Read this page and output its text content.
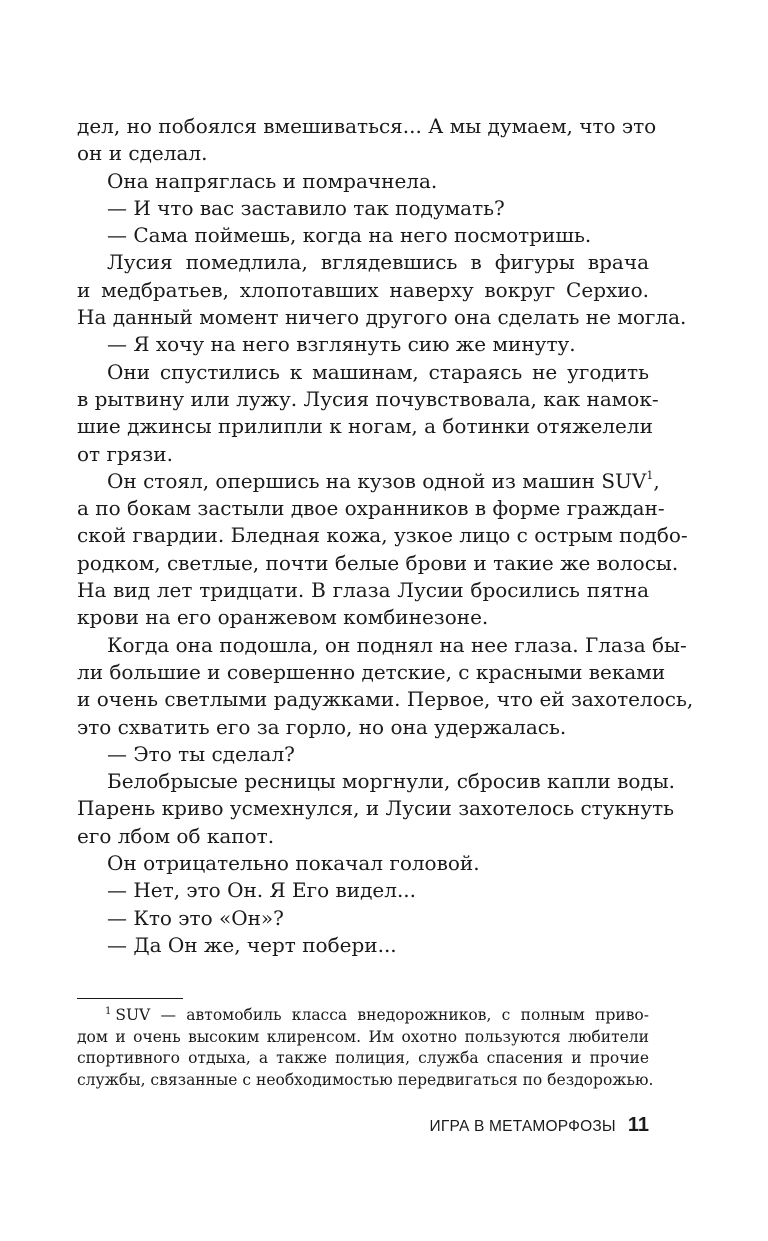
дел, но побоялся вмешиваться... А мы думаем, что это
он и сделал.
Она напряглась и помрачнела.
— И что вас заставило так подумать?
— Сама поймешь, когда на него посмотришь.
Лусия помедлила, вглядевшись в фигуры врача
и медбратьев, хлопотавших наверху вокруг Серхио.
На данный момент ничего другого она сделать не могла.
— Я хочу на него взглянуть сию же минуту.
Они спустились к машинам, стараясь не угодить
в рытвину или лужу. Лусия почувствовала, как намок-
шие джинсы прилипли к ногам, а ботинки отяжелели
от грязи.
Он стоял, опершись на кузов одной из машин SUV$^1$,
а по бокам застыли двое охранников в форме граждан-
ской гвардии. Бледная кожа, узкое лицо с острым подбо-
родком, светлые, почти белые брови и такие же волосы.
На вид лет тридцати. В глаза Лусии бросились пятна
крови на его оранжевом комбинезоне.
Когда она подошла, он поднял на нее глаза. Глаза бы-
ли большие и совершенно детские, с красными веками
и очень светлыми радужками. Первое, что ей захотелось,
это схватить его за горло, но она удержалась.
— Это ты сделал?
Белобрысые ресницы моргнули, сбросив капли воды.
Парень криво усмехнулся, и Лусии захотелось стукнуть
его лбом об капот.
Он отрицательно покачал головой.
— Нет, это Он. Я Его видел...
— Кто это «Он»?
— Да Он же, черт побери...
$^1$ SUV — автомобиль класса внедорожников, с полным приво-
дом и очень высоким клиренсом. Им охотно пользуются любители
спортивного отдыха, а также полиция, служба спасения и прочие
службы, связанные с необходимостью передвигаться по бездорожью.
ИГРА В МЕТАМОРФОЗЫ 11
